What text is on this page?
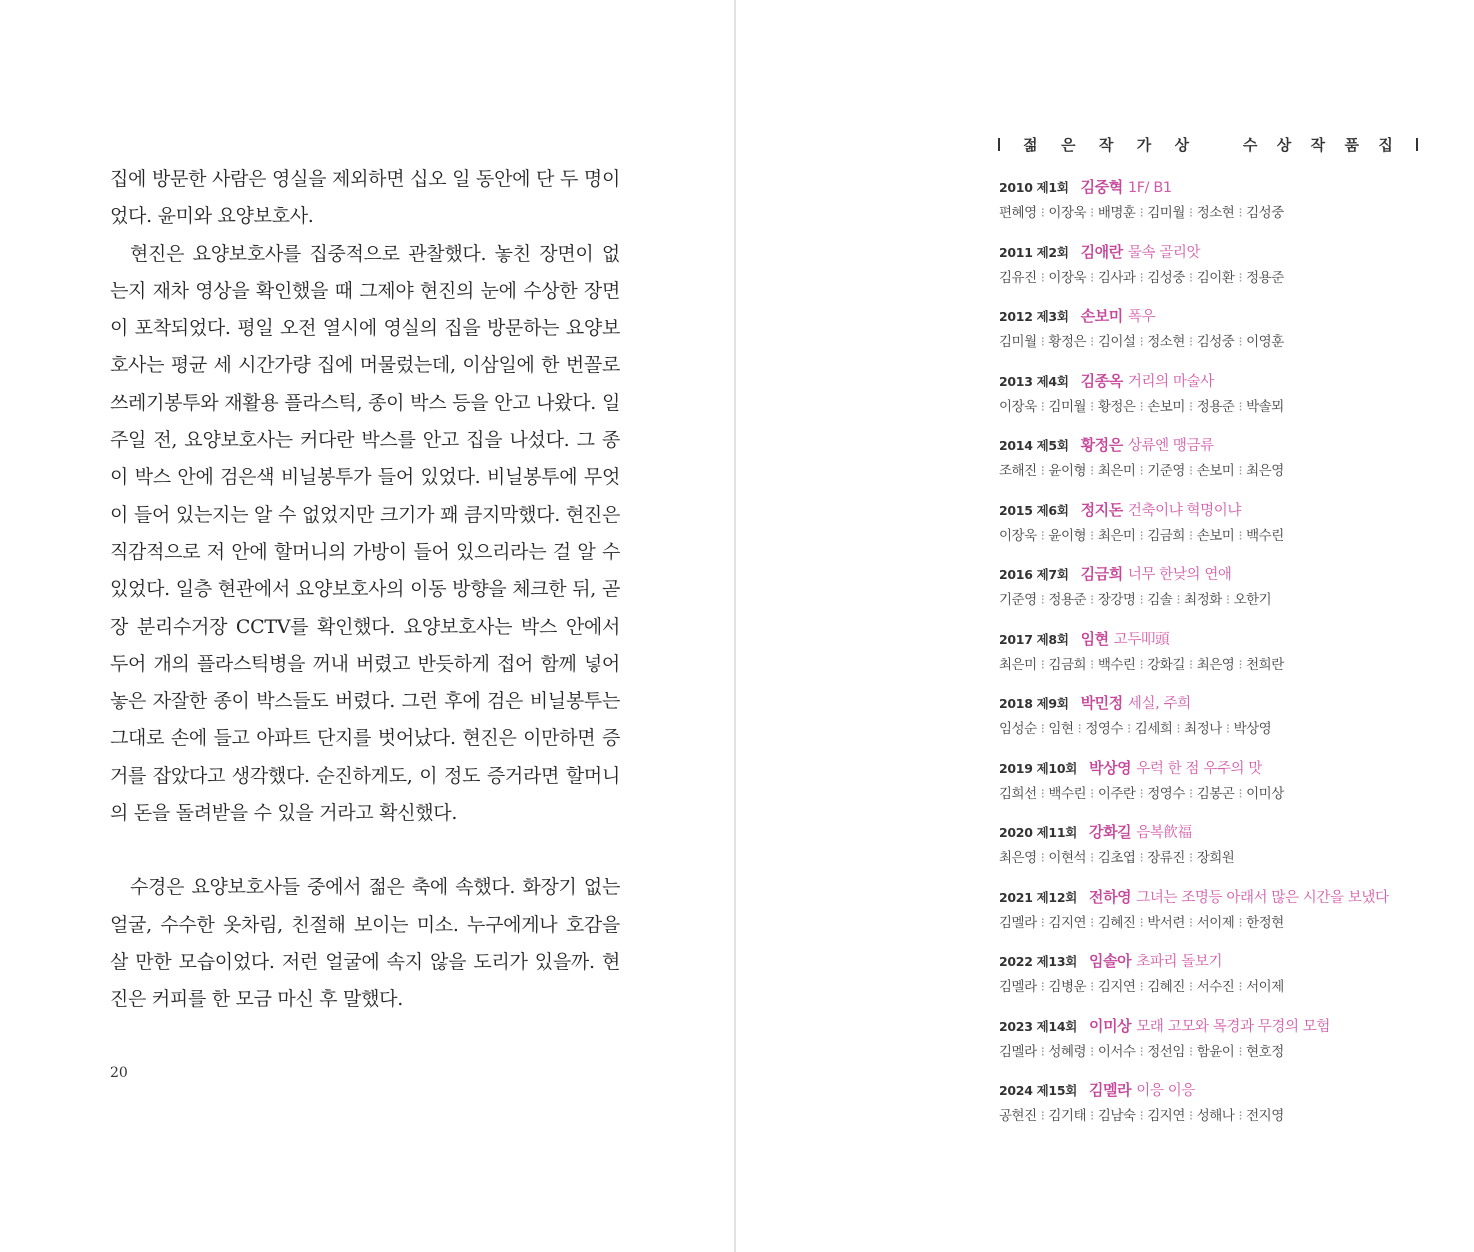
집에 방문한 사람은 영실을 제외하면 십오 일 동안에 단 두 명이었다. 윤미와 요양보호사.

현진은 요양보호사를 집중적으로 관찰했다. 놓친 장면이 없는지 재차 영상을 확인했을 때 그제야 현진의 눈에 수상한 장면이 포착되었다. 평일 오전 열시에 영실의 집을 방문하는 요양보호사는 평균 세 시간가량 집에 머물렀는데, 이삼일에 한 번꼴로 쓰레기봉투와 재활용 플라스틱, 종이 박스 등을 안고 나왔다. 일주일 전, 요양보호사는 커다란 박스를 안고 집을 나섰다. 그 종이 박스 안에 검은색 비닐봉투가 들어 있었다. 비닐봉투에 무엇이 들어 있는지는 알 수 없었지만 크기가 꽤 큼지막했다. 현진은 직감적으로 저 안에 할머니의 가방이 들어 있으리라는 걸 알 수 있었다. 일층 현관에서 요양보호사의 이동 방향을 체크한 뒤, 곧장 분리수거장 CCTV를 확인했다. 요양보호사는 박스 안에서 두어 개의 플라스틱병을 꺼내 버렸고 반듯하게 접어 함께 넣어놓은 자잘한 종이 박스들도 버렸다. 그런 후에 검은 비닐봉투는 그대로 손에 들고 아파트 단지를 벗어났다. 현진은 이만하면 증거를 잡았다고 생각했다. 순진하게도, 이 정도 증거라면 할머니의 돈을 돌려받을 수 있을 거라고 확신했다.

수경은 요양보호사들 중에서 젊은 축에 속했다. 화장기 없는 얼굴, 수수한 옷차림, 친절해 보이는 미소. 누구에게나 호감을 살 만한 모습이었다. 저런 얼굴에 속지 않을 도리가 있을까. 현진은 커피를 한 모금 마신 후 말했다.

20
젊 은 작 가 상	수 상 작 품 집
2010 제1회 김중혁 1F/ B1
편혜영 ⁝ 이장욱 ⁝ 배명훈 ⁝ 김미월 ⁝ 정소현 ⁝ 김성중
2011 제2회 김애란 물속 골리앗
김유진 ⁝ 이장욱 ⁝ 김사과 ⁝ 김성중 ⁝ 김이환 ⁝ 정용준
2012 제3회 손보미 폭우
김미월 ⁝ 황정은 ⁝ 김이설 ⁝ 정소현 ⁝ 김성중 ⁝ 이영훈
2013 제4회 김종옥 거리의 마술사
이장욱 ⁝ 김미월 ⁝ 황정은 ⁝ 손보미 ⁝ 정용준 ⁝ 박솔뫼
2014 제5회 황정은 상류엔 맹금류
조해진 ⁝ 윤이형 ⁝ 최은미 ⁝ 기준영 ⁝ 손보미 ⁝ 최은영
2015 제6회 정지돈 건축이냐 혁명이냐
이장욱 ⁝ 윤이형 ⁝ 최은미 ⁝ 김금희 ⁝ 손보미 ⁝ 백수린
2016 제7회 김금희 너무 한낮의 연애
기준영 ⁝ 정용준 ⁝ 장강명 ⁝ 김솔 ⁝ 최정화 ⁝ 오한기
2017 제8회 임현 고두叩頭
최은미 ⁝ 김금희 ⁝ 백수린 ⁝ 강화길 ⁝ 최은영 ⁝ 천희란
2018 제9회 박민정 세실, 주희
임성순 ⁝ 임현 ⁝ 정영수 ⁝ 김세희 ⁝ 최정나 ⁝ 박상영
2019 제10회 박상영 우럭 한 점 우주의 맛
김희선 ⁝ 백수린 ⁝ 이주란 ⁝ 정영수 ⁝ 김봉곤 ⁝ 이미상
2020 제11회 강화길 음복飮福
최은영 ⁝ 이현석 ⁝ 김초엽 ⁝ 장류진 ⁝ 장희원
2021 제12회 전하영 그녀는 조명등 아래서 많은 시간을 보냈다
김멜라 ⁝ 김지연 ⁝ 김혜진 ⁝ 박서련 ⁝ 서이제 ⁝ 한정현
2022 제13회 임솔아 초파리 돌보기
김멜라 ⁝ 김병운 ⁝ 김지연 ⁝ 김혜진 ⁝ 서수진 ⁝ 서이제
2023 제14회 이미상 모래 고모와 목경과 무경의 모험
김멜라 ⁝ 성혜령 ⁝ 이서수 ⁝ 정선임 ⁝ 함윤이 ⁝ 현호정
2024 제15회 김멜라 이응 이응
공현진 ⁝ 김기태 ⁝ 김남숙 ⁝ 김지연 ⁝ 성해나 ⁝ 전지영
